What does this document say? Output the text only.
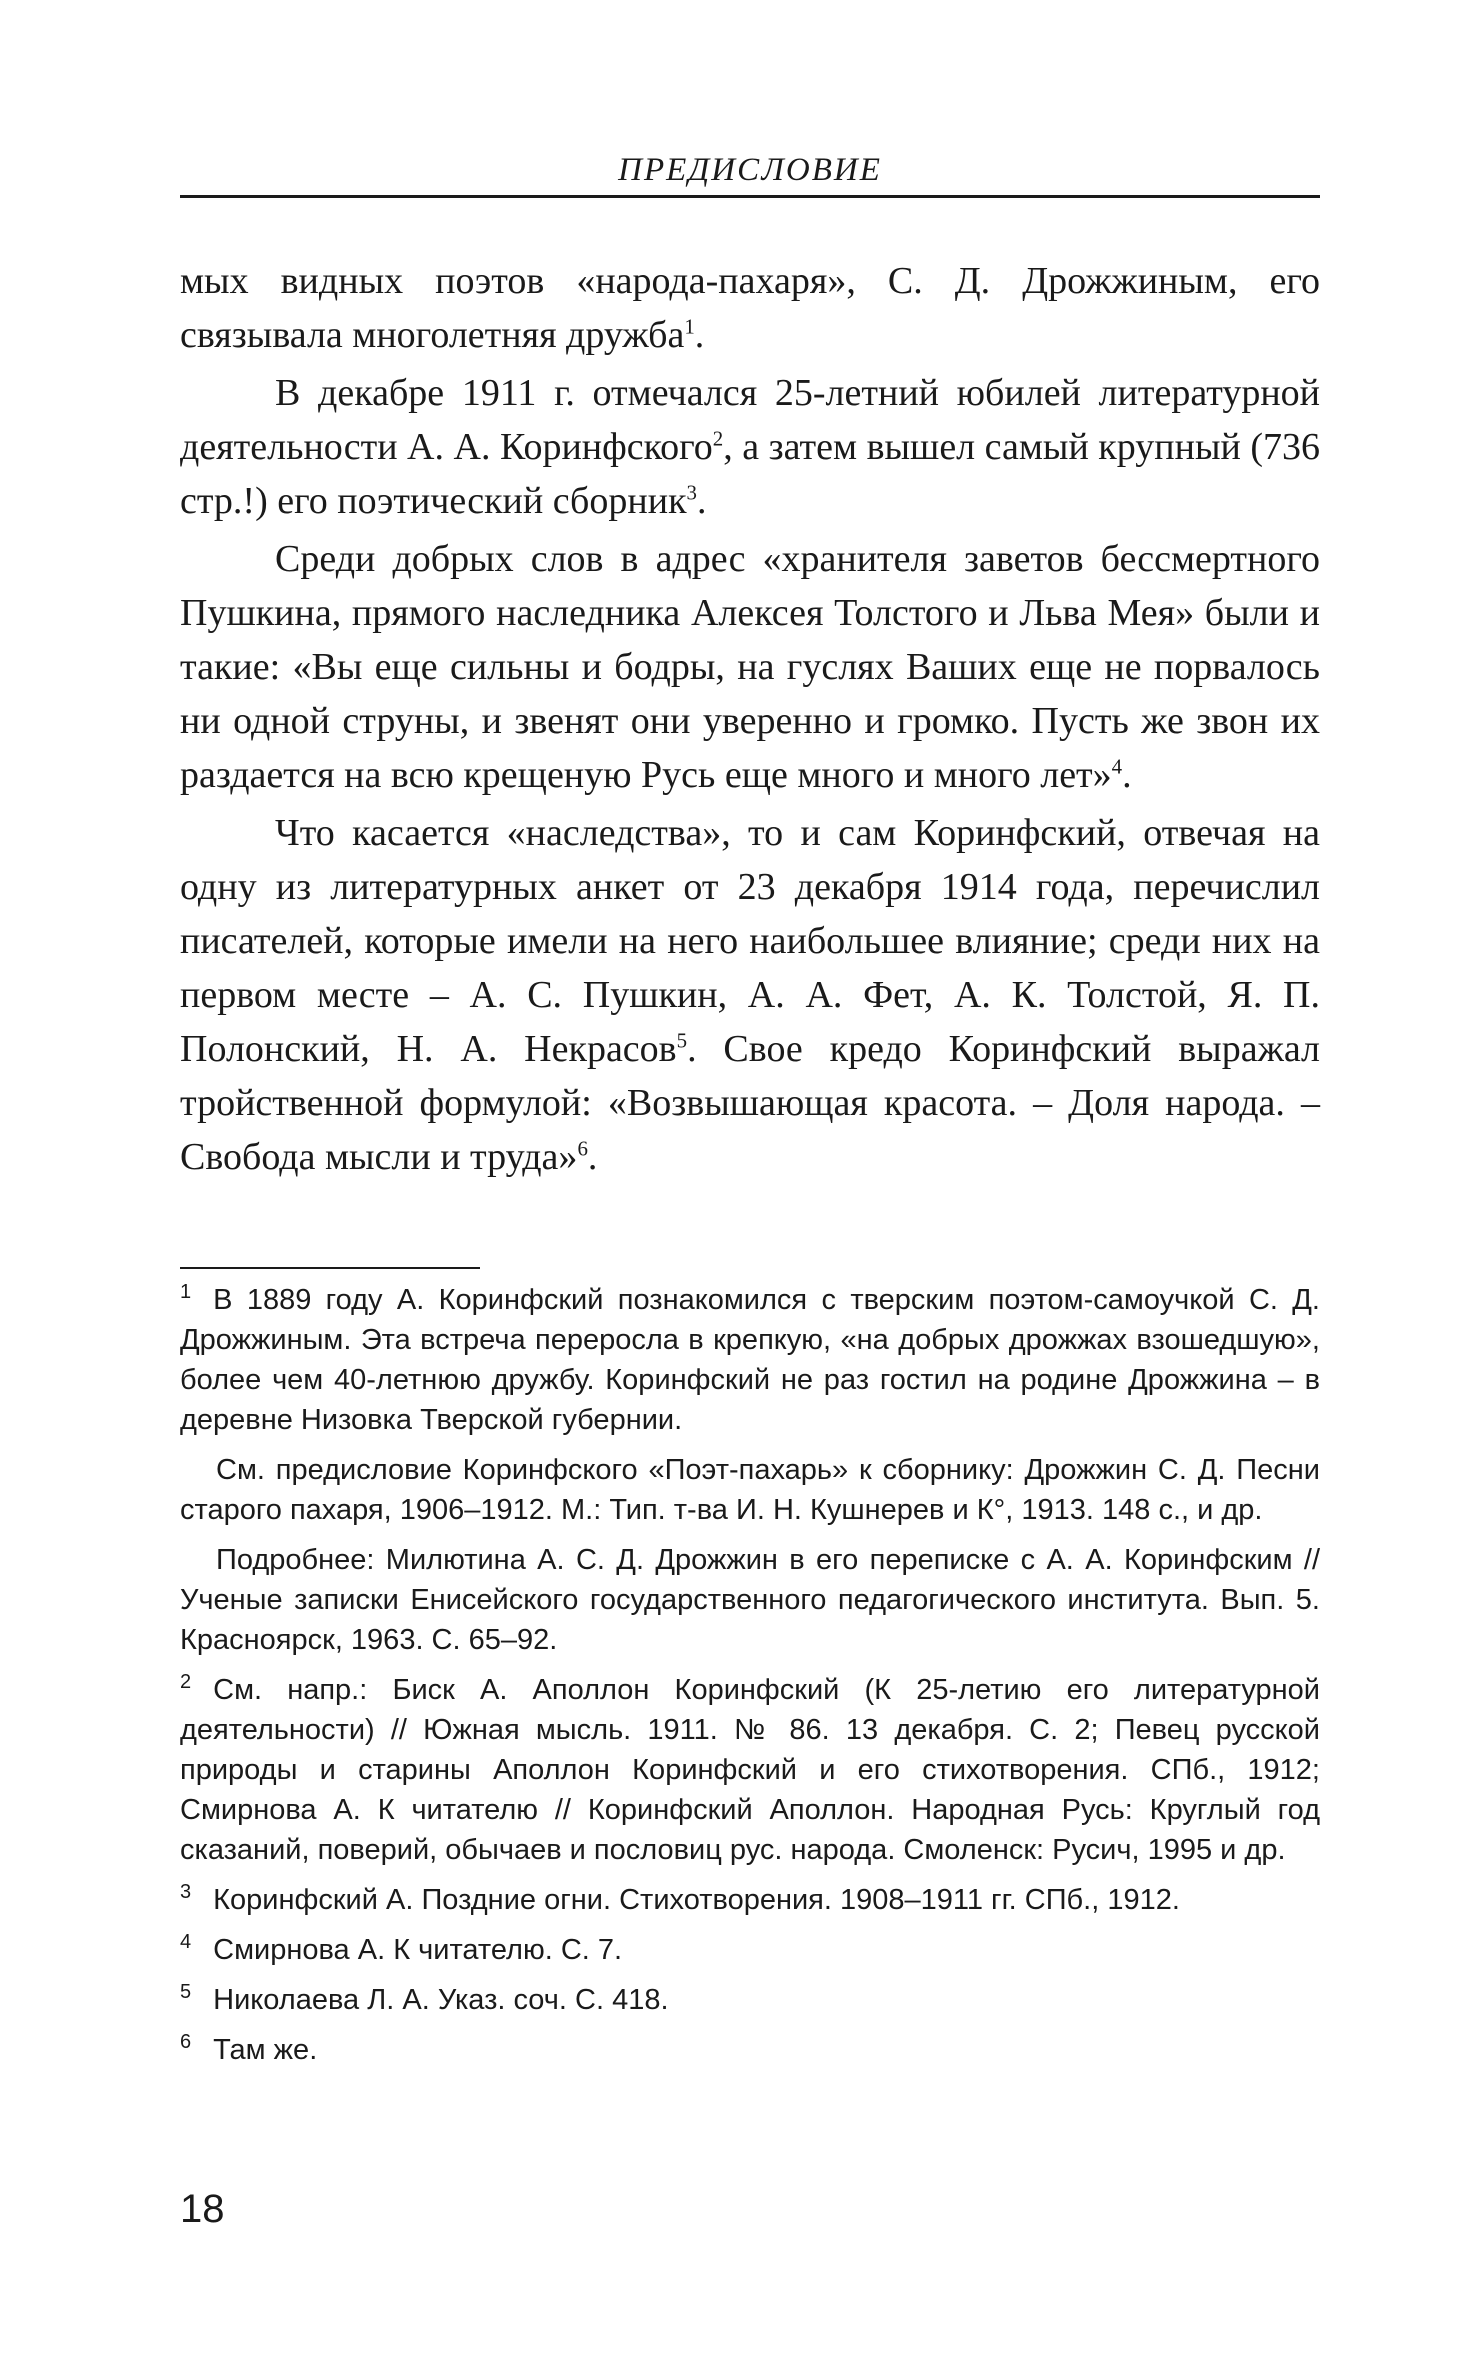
ПРЕДИСЛОВИЕ

мых видных поэтов «народа-пахаря», С. Д. Дрожжиным, его связывала многолетняя дружба$^1$.

В декабре 1911 г. отмечался 25-летний юбилей литературной деятельности А. А. Коринфского$^2$, а затем вышел самый крупный (736 стр.!) его поэтический сборник$^3$.

Среди добрых слов в адрес «хранителя заветов бессмертного Пушкина, прямого наследника Алексея Толстого и Льва Мея» были и такие: «Вы еще сильны и бодры, на гуслях Ваших еще не порвалось ни одной струны, и звенят они уверенно и громко. Пусть же звон их раздается на всю крещеную Русь еще много и много лет»$^4$.

Что касается «наследства», то и сам Коринфский, отвечая на одну из литературных анкет от 23 декабря 1914 года, перечислил писателей, которые имели на него наибольшее влияние; среди них на первом месте – А. С. Пушкин, А. А. Фет, А. К. Толстой, Я. П. Полонский, Н. А. Некрасов$^5$. Свое кредо Коринфский выражал тройственной формулой: «Возвышающая красота. – Доля народа. – Свобода мысли и труда»$^6$.

$^1$ В 1889 году А. Коринфский познакомился с тверским поэтом-самоучкой С. Д. Дрожжиным. Эта встреча переросла в крепкую, «на добрых дрожжах взошедшую», более чем 40-летнюю дружбу. Коринфский не раз гостил на родине Дрожжина – в деревне Низовка Тверской губернии.
См. предисловие Коринфского «Поэт-пахарь» к сборнику: Дрожжин С. Д. Песни старого пахаря, 1906–1912. М.: Тип. т-ва И. Н. Кушнерев и К°, 1913. 148 с., и др.
Подробнее: Милютина А. С. Д. Дрожжин в его переписке с А. А. Коринфским // Ученые записки Енисейского государственного педагогического института. Вып. 5. Красноярск, 1963. С. 65–92.
$^2$ См. напр.: Биск А. Аполлон Коринфский (К 25-летию его литературной деятельности) // Южная мысль. 1911. № 86. 13 декабря. С. 2; Певец русской природы и старины Аполлон Коринфский и его стихотворения. СПб., 1912; Смирнова А. К читателю // Коринфский Аполлон. Народная Русь: Круглый год сказаний, поверий, обычаев и пословиц рус. народа. Смоленск: Русич, 1995 и др.
$^3$ Коринфский А. Поздние огни. Стихотворения. 1908–1911 гг. СПб., 1912.
$^4$ Смирнова А. К читателю. С. 7.
$^5$ Николаева Л. А. Указ. соч. С. 418.
$^6$ Там же.
18
